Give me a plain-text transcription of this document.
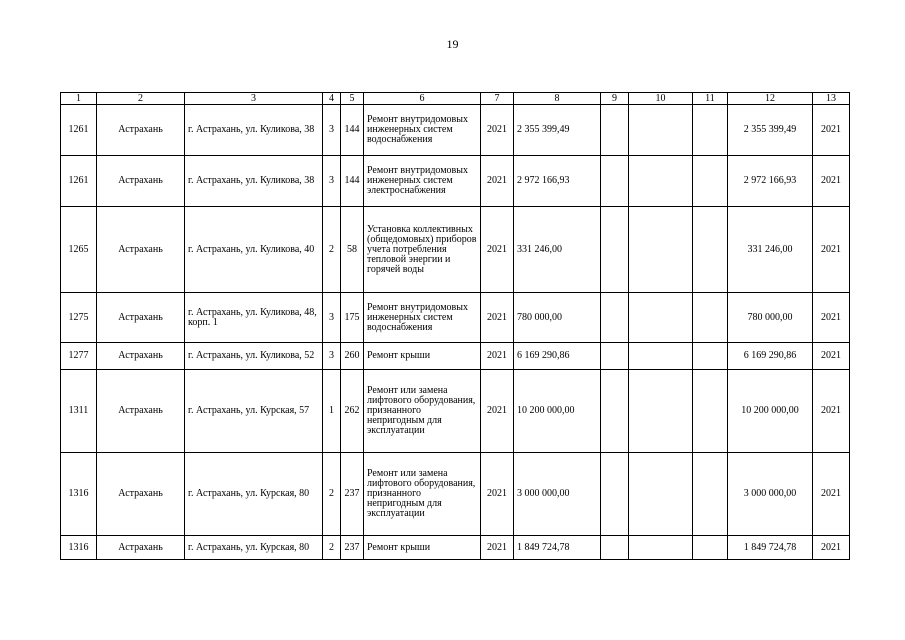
19
1	2	3	4	5	6	7	8	9	10	11	12	13
1261	Астрахань	г. Астрахань, ул. Куликова, 38	3	144	Ремонт внутридомовых инженерных систем водоснабжения	2021	2 355 399,49				2 355 399,49	2021
1261	Астрахань	г. Астрахань, ул. Куликова, 38	3	144	Ремонт внутридомовых инженерных систем электроснабжения	2021	2 972 166,93				2 972 166,93	2021
1265	Астрахань	г. Астрахань, ул. Куликова, 40	2	58	Установка коллективных (общедомовых) приборов учета потребления тепловой энергии и горячей воды	2021	331 246,00				331 246,00	2021
1275	Астрахань	г. Астрахань, ул. Куликова, 48, корп. 1	3	175	Ремонт внутридомовых инженерных систем водоснабжения	2021	780 000,00				780 000,00	2021
1277	Астрахань	г. Астрахань, ул. Куликова, 52	3	260	Ремонт крыши	2021	6 169 290,86				6 169 290,86	2021
1311	Астрахань	г. Астрахань, ул. Курская, 57	1	262	Ремонт или замена лифтового оборудования, признанного непригодным для эксплуатации	2021	10 200 000,00				10 200 000,00	2021
1316	Астрахань	г. Астрахань, ул. Курская, 80	2	237	Ремонт или замена лифтового оборудования, признанного непригодным для эксплуатации	2021	3 000 000,00				3 000 000,00	2021
1316	Астрахань	г. Астрахань, ул. Курская, 80	2	237	Ремонт крыши	2021	1 849 724,78				1 849 724,78	2021
